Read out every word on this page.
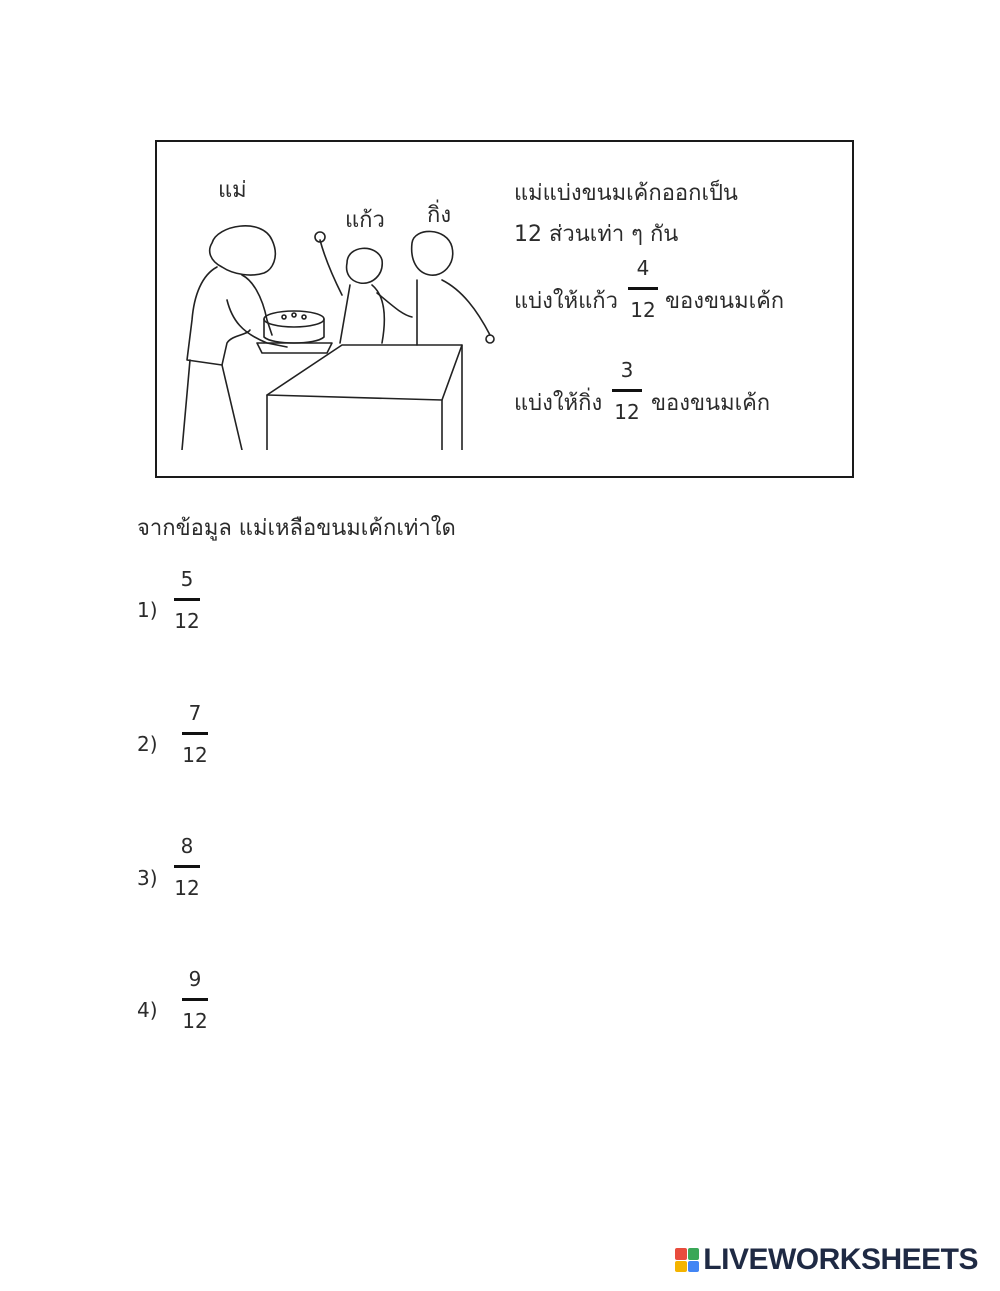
แม่
แก้ว กิ่ง
แม่แบ่งขนมเค้กออกเป็น
12 ส่วนเท่า ๆ กัน
แบ่งให้แก้ว
4
12 ของขนมเค้ก
แบ่งให้กิ่ง
3
12 ของขนมเค้ก
จากข้อมูล แม่เหลือขนมเค้กเท่าใด
1)
5
12
2)
7
12
3)
8
12
4)
9
12
LIVEWORKSHEETS
